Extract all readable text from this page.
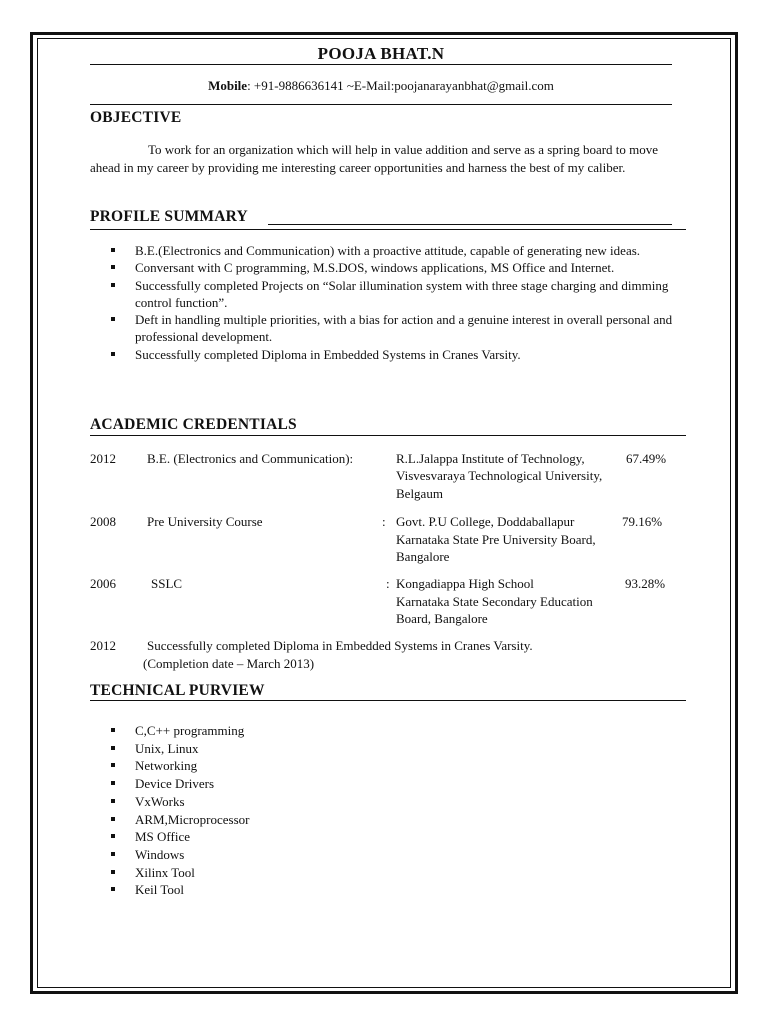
POOJA BHAT.N
Mobile: +91-9886636141 ~E-Mail:poojanarayanbhat@gmail.com
OBJECTIVE
To work for an organization which will help in value addition and serve as a spring board to move ahead in my career by providing me interesting career opportunities and harness the best of my caliber.
PROFILE SUMMARY
B.E.(Electronics and Communication) with a proactive attitude, capable of generating new ideas.
Conversant with C programming, M.S.DOS, windows applications, MS Office and Internet.
Successfully completed Projects on “Solar illumination system with three stage charging and dimming control function”.
Deft in handling multiple priorities, with a bias for action and a genuine interest in overall personal and professional development.
Successfully completed Diploma in Embedded Systems in Cranes Varsity.
ACADEMIC CREDENTIALS
2012 B.E. (Electronics and Communication):	R.L.Jalappa Institute of Technology,	67.49%
Visvesvaraya Technological University,
Belgaum
2008 Pre University Course	: Govt. P.U College, Doddaballapur	79.16%
Karnataka State Pre University Board,
Bangalore
2006	SSLC	: Kongadiappa High School	93.28%
Karnataka State Secondary Education
Board, Bangalore
2012 Successfully completed Diploma in Embedded Systems in Cranes Varsity.
(Completion date – March 2013)
TECHNICAL PURVIEW
C,C++ programming
Unix, Linux
Networking
Device Drivers
VxWorks
ARM,Microprocessor
MS Office
Windows
Xilinx Tool
Keil Tool
